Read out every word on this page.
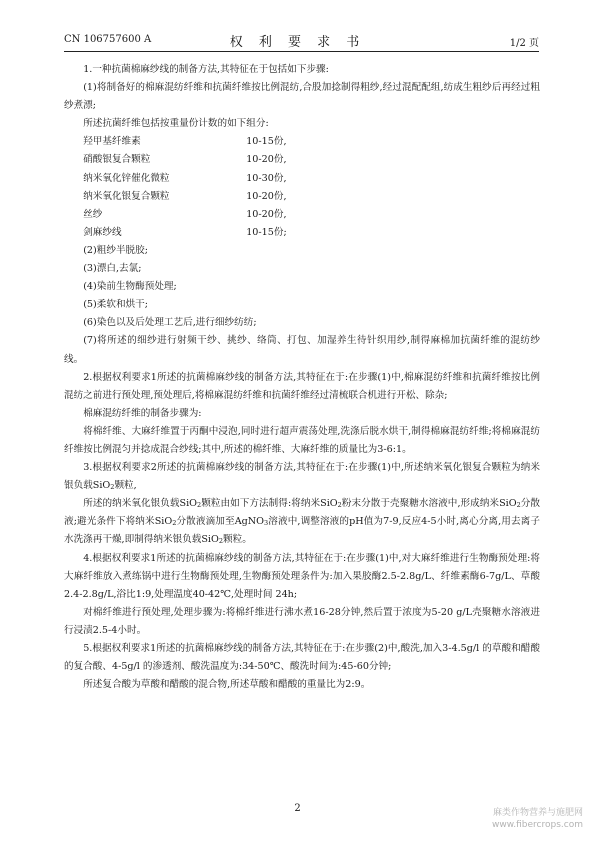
CN 106757600 A	权 利 要 求 书	1/2 页
1.一种抗菌棉麻纱线的制备方法,其特征在于包括如下步骤:
(1)将制备好的棉麻混纺纤维和抗菌纤维按比例混纺,合股加捻制得粗纱,经过混配配组,纺成生粗纱后再经过粗纱煮漂;
所述抗菌纤维包括按重量份计数的如下组分:
羟甲基纤维素	10-15份,
硝酸银复合颗粒	10-20份,
纳米氧化锌催化微粒	10-30份,
纳米氧化银复合颗粒	10-20份,
丝纱	10-20份,
剑麻纱线	10-15份;
(2)粗纱半脱胶;
(3)漂白,去氯;
(4)染前生物酶预处理;
(5)柔软和烘干;
(6)染色以及后处理工艺后,进行细纱纺纺;
(7)将所述的细纱进行射频干纱、挑纱、络筒、打包、加湿养生待针织用纱,制得麻棉加抗菌纤维的混纺纱线。
2.根据权利要求1所述的抗菌棉麻纱线的制备方法,其特征在于:在步骤(1)中,棉麻混纺纤维和抗菌纤维按比例混纺之前进行预处理,预处理后,将棉麻混纺纤维和抗菌纤维经过清梳联合机进行开松、除杂;
棉麻混纺纤维的制备步骤为:
将棉纤维、大麻纤维置于丙酮中浸泡,同时进行超声震荡处理,洗涤后脱水烘干,制得棉麻混纺纤维;将棉麻混纺纤维按比例混匀并捻成混合纱线;其中,所述的棉纤维、大麻纤维的质量比为3-6:1。
3.根据权利要求2所述的抗菌棉麻纱线的制备方法,其特征在于:在步骤(1)中,所述纳米氧化银复合颗粒为纳米银负载SiO$_2$颗粒,
所述的纳米氧化银负载SiO$_2$颗粒由如下方法制得:将纳米SiO$_2$粉末分散于壳聚糖水溶液中,形成纳米SiO$_2$分散液;避光条件下将纳米SiO$_2$分散液滴加至AgNO$_3$溶液中,调整溶液的pH值为7-9,反应4-5小时,离心分离,用去离子水洗涤再干燥,即制得纳米银负载SiO$_2$颗粒。
4.根据权利要求1所述的抗菌棉麻纱线的制备方法,其特征在于:在步骤(1)中,对大麻纤维进行生物酶预处理:将大麻纤维放入煮练锅中进行生物酶预处理,生物酶预处理条件为:加入果胶酶2.5-2.8g/L、纤维素酶6-7g/L、草酸2.4-2.8g/L,浴比1:9,处理温度40-42℃,处理时间 24h;
对棉纤维进行预处理,处理步骤为:将棉纤维进行沸水煮16-28分钟,然后置于浓度为5-20 g/L壳聚糖水溶液进行浸渍2.5-4小时。
5.根据权利要求1所述的抗菌棉麻纱线的制备方法,其特征在于:在步骤(2)中,酸洗,加入3-4.5g/l 的草酸和醋酸的复合酸、4-5g/l 的渗透剂、酸洗温度为:34-50℃、酸洗时间为:45-60分钟;
所述复合酸为草酸和醋酸的混合物,所述草酸和醋酸的重量比为2:9。
2	麻类作物营养与施肥网
www.fibercrops.com
